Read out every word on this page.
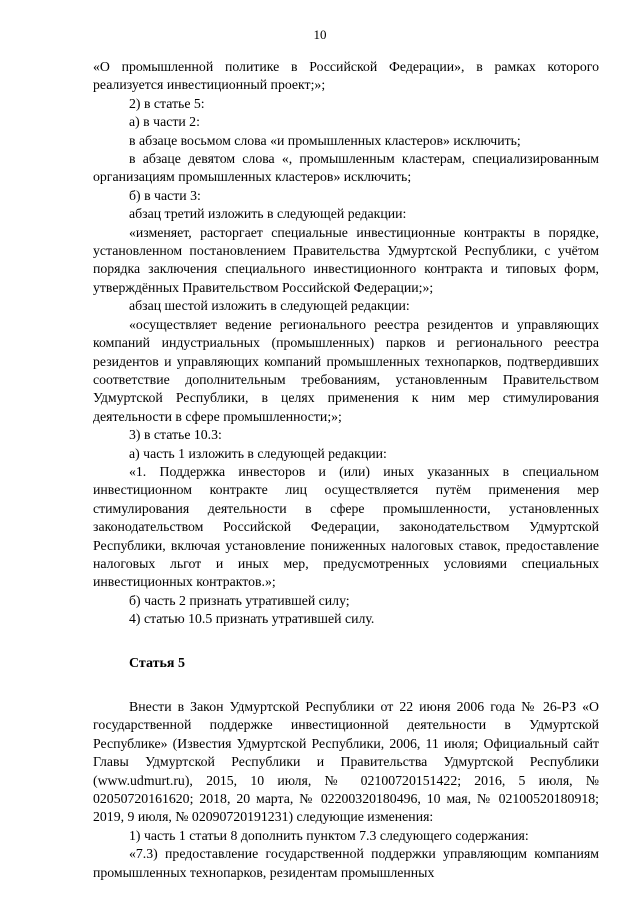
10

«О промышленной политике в Российской Федерации», в рамках которого реализуется инвестиционный проект;»;

2) в статье 5:

а) в части 2:

в абзаце восьмом слова «и промышленных кластеров» исключить;

в абзаце девятом слова «, промышленным кластерам, специализированным организациям промышленных кластеров» исключить;

б) в части 3:

абзац третий изложить в следующей редакции:

«изменяет, расторгает специальные инвестиционные контракты в порядке, установленном постановлением Правительства Удмуртской Республики, с учётом порядка заключения специального инвестиционного контракта и типовых форм, утверждённых Правительством Российской Федерации;»;

абзац шестой изложить в следующей редакции:

«осуществляет ведение регионального реестра резидентов и управляющих компаний индустриальных (промышленных) парков и регионального реестра резидентов и управляющих компаний промышленных технопарков, подтвердивших соответствие дополнительным требованиям, установленным Правительством Удмуртской Республики, в целях применения к ним мер стимулирования деятельности в сфере промышленности;»;

3) в статье 10.3:

а) часть 1 изложить в следующей редакции:

«1. Поддержка инвесторов и (или) иных указанных в специальном инвестиционном контракте лиц осуществляется путём применения мер стимулирования деятельности в сфере промышленности, установленных законодательством Российской Федерации, законодательством Удмуртской Республики, включая установление пониженных налоговых ставок, предоставление налоговых льгот и иных мер, предусмотренных условиями специальных инвестиционных контрактов.»;

б) часть 2 признать утратившей силу;

4) статью 10.5 признать утратившей силу.

Статья 5

Внести в Закон Удмуртской Республики от 22 июня 2006 года № 26-РЗ «О государственной поддержке инвестиционной деятельности в Удмуртской Республике» (Известия Удмуртской Республики, 2006, 11 июля; Официальный сайт Главы Удмуртской Республики и Правительства Удмуртской Республики (www.udmurt.ru), 2015, 10 июля, № 02100720151422; 2016, 5 июля, № 02050720161620; 2018, 20 марта, № 02200320180496, 10 мая, № 02100520180918; 2019, 9 июля, № 02090720191231) следующие изменения:

1) часть 1 статьи 8 дополнить пунктом 7.3 следующего содержания:

«7.3) предоставление государственной поддержки управляющим компаниям промышленных технопарков, резидентам промышленных
